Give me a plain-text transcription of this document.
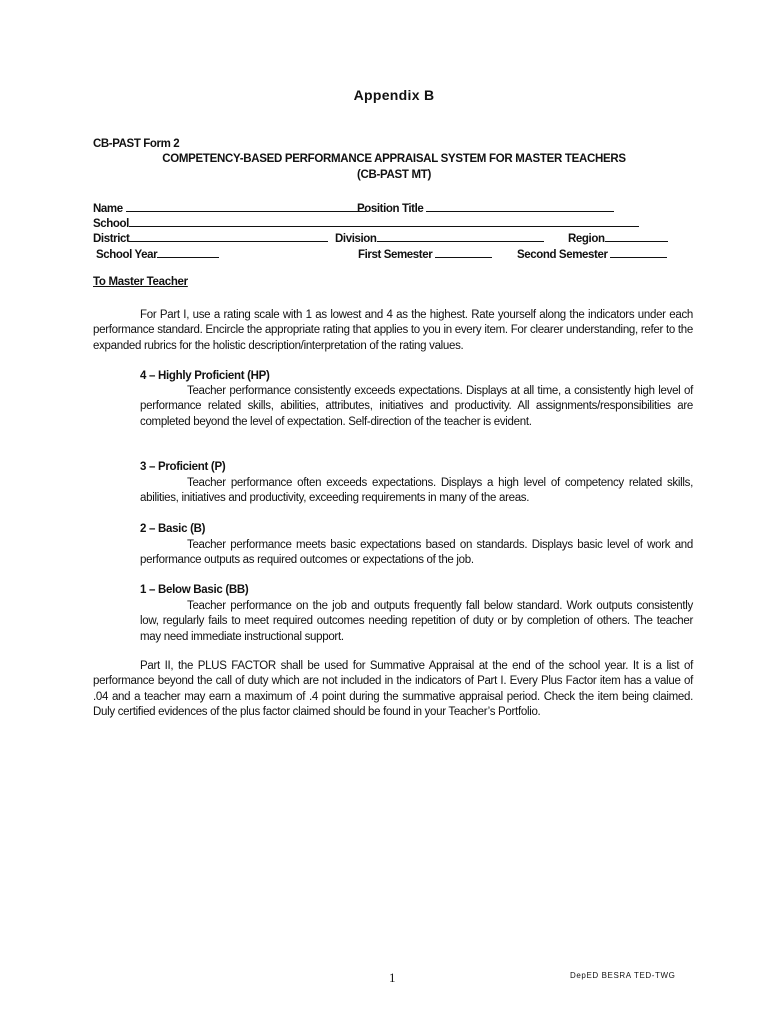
Appendix B
CB-PAST Form 2
COMPETENCY-BASED PERFORMANCE APPRAISAL SYSTEM FOR MASTER TEACHERS
(CB-PAST MT)
Name	Position Title
School
District	Division	Region
School Year	First Semester	Second Semester
To Master Teacher
For Part I, use a rating scale with 1 as lowest and 4 as the highest. Rate yourself along the indicators under each performance standard. Encircle the appropriate rating that applies to you in every item. For clearer understanding, refer to the expanded rubrics for the holistic description/interpretation of the rating values.
4 – Highly Proficient (HP)
Teacher performance consistently exceeds expectations. Displays at all time, a consistently high level of performance related skills, abilities, attributes, initiatives and productivity. All assignments/responsibilities are completed beyond the level of expectation. Self-direction of the teacher is evident.
3 – Proficient (P)
Teacher performance often exceeds expectations. Displays a high level of competency related skills, abilities, initiatives and productivity, exceeding requirements in many of the areas.
2 – Basic (B)
Teacher performance meets basic expectations based on standards. Displays basic level of work and performance outputs as required outcomes or expectations of the job.
1 – Below Basic (BB)
Teacher performance on the job and outputs frequently fall below standard. Work outputs consistently low, regularly fails to meet required outcomes needing repetition of duty or by completion of others. The teacher may need immediate instructional support.
Part II, the PLUS FACTOR shall be used for Summative Appraisal at the end of the school year. It is a list of performance beyond the call of duty which are not included in the indicators of Part I. Every Plus Factor item has a value of .04 and a teacher may earn a maximum of .4 point during the summative appraisal period. Check the item being claimed. Duly certified evidences of the plus factor claimed should be found in your Teacher’s Portfolio.
1	DepED BESRA TED-TWG
